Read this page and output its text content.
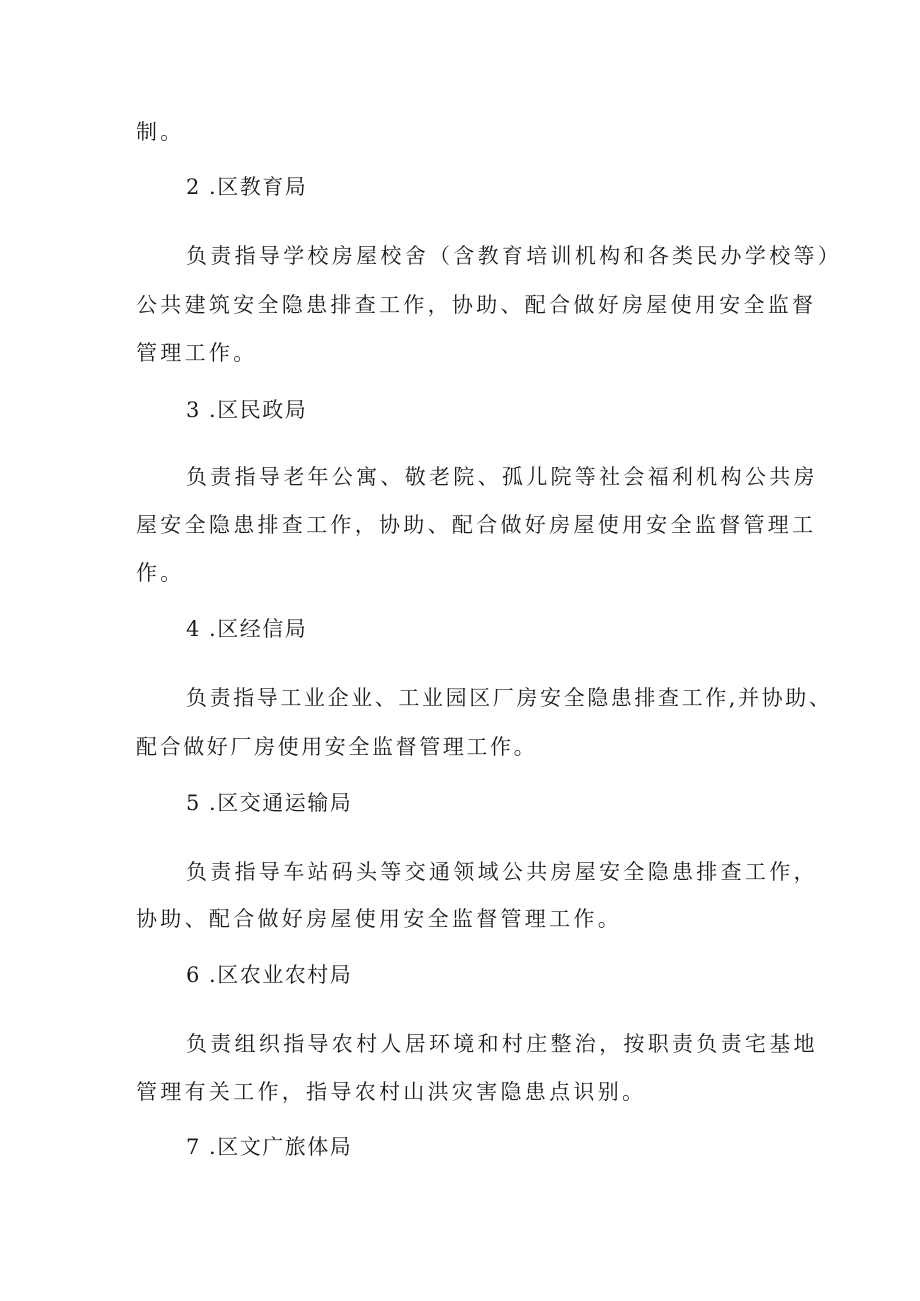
制。
2 .区教育局
负责指导学校房屋校舍（含教育培训机构和各类民办学校等）
公共建筑安全隐患排查工作，协助、配合做好房屋使用安全监督
管理工作。
3 .区民政局
负责指导老年公寓、敬老院、孤儿院等社会福利机构公共房
屋安全隐患排查工作，协助、配合做好房屋使用安全监督管理工
作。
4 .区经信局
负责指导工业企业、工业园区厂房安全隐患排查工作,并协助、
配合做好厂房使用安全监督管理工作。
5 .区交通运输局
负责指导车站码头等交通领域公共房屋安全隐患排查工作，
协助、配合做好房屋使用安全监督管理工作。
6 .区农业农村局
负责组织指导农村人居环境和村庄整治，按职责负责宅基地
管理有关工作，指导农村山洪灾害隐患点识别。
7 .区文广旅体局
